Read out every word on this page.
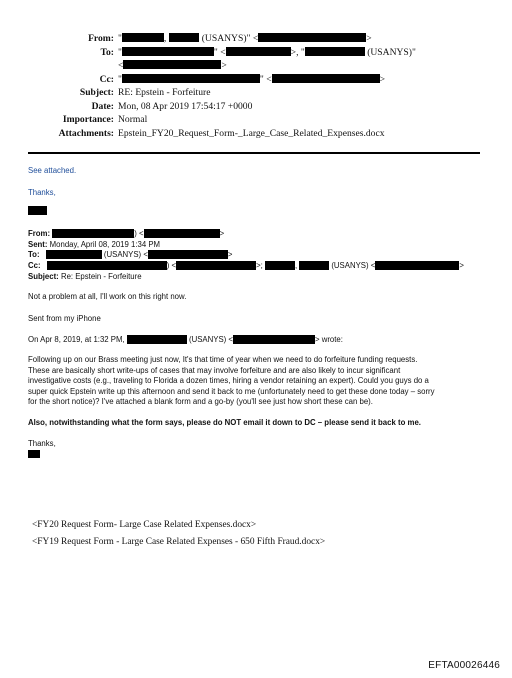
From: "	,	(USANYS)" <	>
To: "	" <	>, "	(USANYS)"
<	>
Cc: "	" <	>
Subject: RE: Epstein - Forfeiture
Date: Mon, 08 Apr 2019 17:54:17 +0000
Importance: Normal
Attachments: Epstein_FY20_Request_Form-_Large_Case_Related_Expenses.docx
See attached.
Thanks,
From:	) <	>
Sent: Monday, April 08, 2019 1:34 PM
To:	(USANYS) <	>
Cc:	) <	>;	,	(USANYS) <	>
Subject: Re: Epstein - Forfeiture
Not a problem at all, I'll work on this right now.
Sent from my iPhone
On Apr 8, 2019, at 1:32 PM,	(USANYS) <	> wrote:
Following up on our Brass meeting just now, It's that time of year when we need to do forfeiture funding requests.
These are basically short write-ups of cases that may involve forfeiture and are also likely to incur significant
investigative costs (e.g., traveling to Florida a dozen times, hiring a vendor retaining an expert). Could you guys do a
super quick Epstein write up this afternoon and send it back to me (unfortunately need to get these done today – sorry
for the short notice)? I've attached a blank form and a go-by (you'll see just how short these can be).
Also, notwithstanding what the form says, please do NOT email it down to DC – please send it back to me.
Thanks,
<FY20 Request Form- Large Case Related Expenses.docx>
<FY19 Request Form - Large Case Related Expenses - 650 Fifth Fraud.docx>
EFTA00026446
